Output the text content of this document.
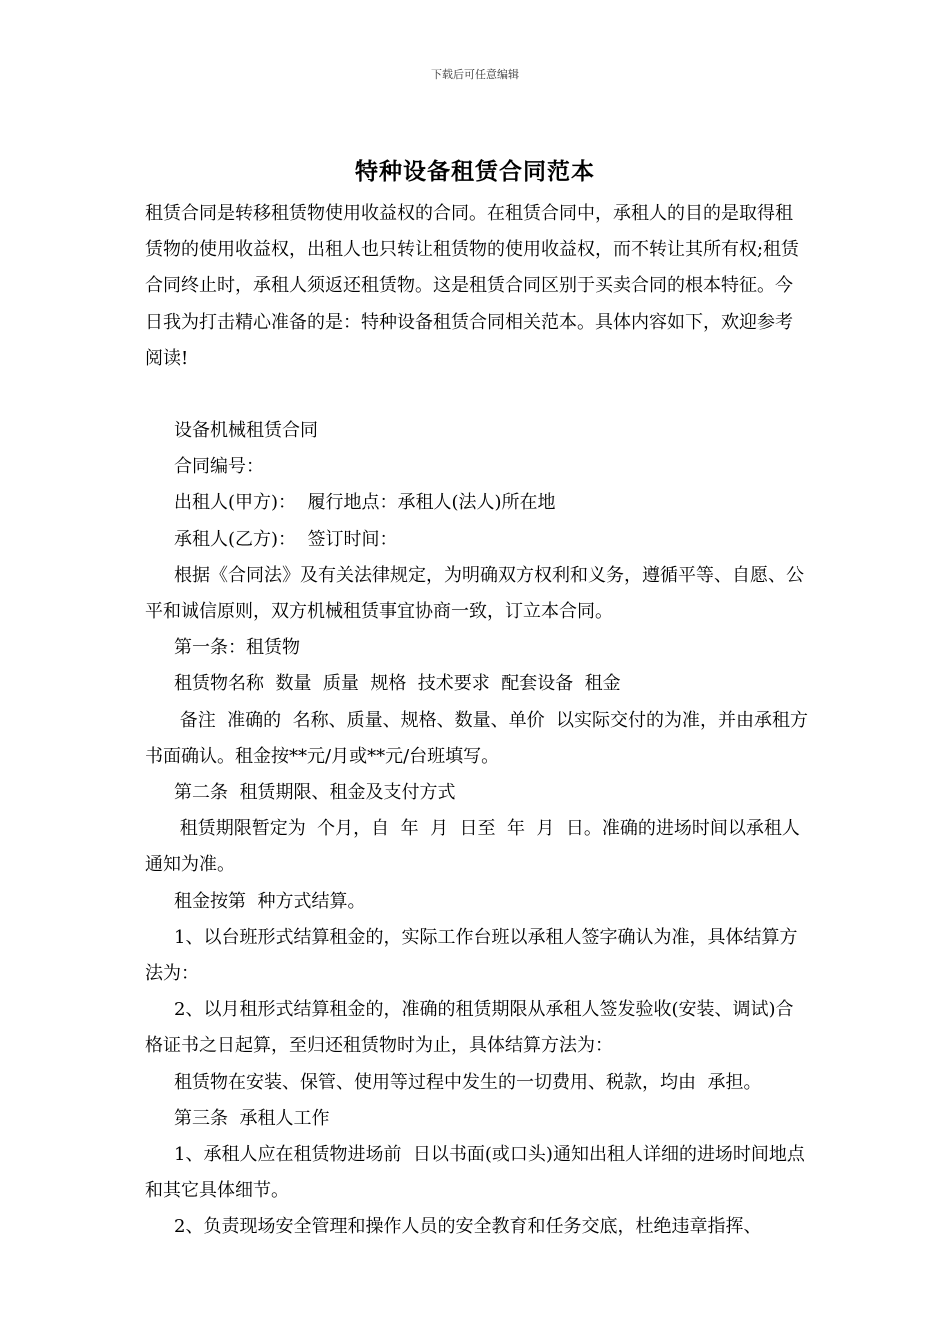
下载后可任意编辑
特种设备租赁合同范本

租赁合同是转移租赁物使用收益权的合同。在租赁合同中，承租人的目的是取得租赁物的使用收益权，出租人也只转让租赁物的使用收益权，而不转让其所有权;租赁合同终止时，承租人须返还租赁物。这是租赁合同区别于买卖合同的根本特征。今日我为打击精心准备的是：特种设备租赁合同相关范本。具体内容如下，欢迎参考阅读!

设备机械租赁合同

合同编号：

出租人(甲方)：  履行地点：承租人(法人)所在地

承租人(乙方)：  签订时间：

根据《合同法》及有关法律规定，为明确双方权利和义务，遵循平等、自愿、公平和诚信原则，双方机械租赁事宜协商一致，订立本合同。

第一条：租赁物

租赁物名称  数量  质量  规格  技术要求  配套设备  租金

备注  准确的  名称、质量、规格、数量、单价  以实际交付的为准，并由承租方书面确认。租金按**元/月或**元/台班填写。

第二条  租赁期限、租金及支付方式

租赁期限暂定为  个月，自  年  月  日至  年  月  日。准确的进场时间以承租人通知为准。

租金按第  种方式结算。

1、以台班形式结算租金的，实际工作台班以承租人签字确认为准，具体结算方法为：

2、以月租形式结算租金的，准确的租赁期限从承租人签发验收(安装、调试)合格证书之日起算，至归还租赁物时为止，具体结算方法为：

租赁物在安装、保管、使用等过程中发生的一切费用、税款，均由  承担。

第三条  承租人工作

1、承租人应在租赁物进场前  日以书面(或口头)通知出租人详细的进场时间地点和其它具体细节。

2、负责现场安全管理和操作人员的安全教育和任务交底，杜绝违章指挥、
